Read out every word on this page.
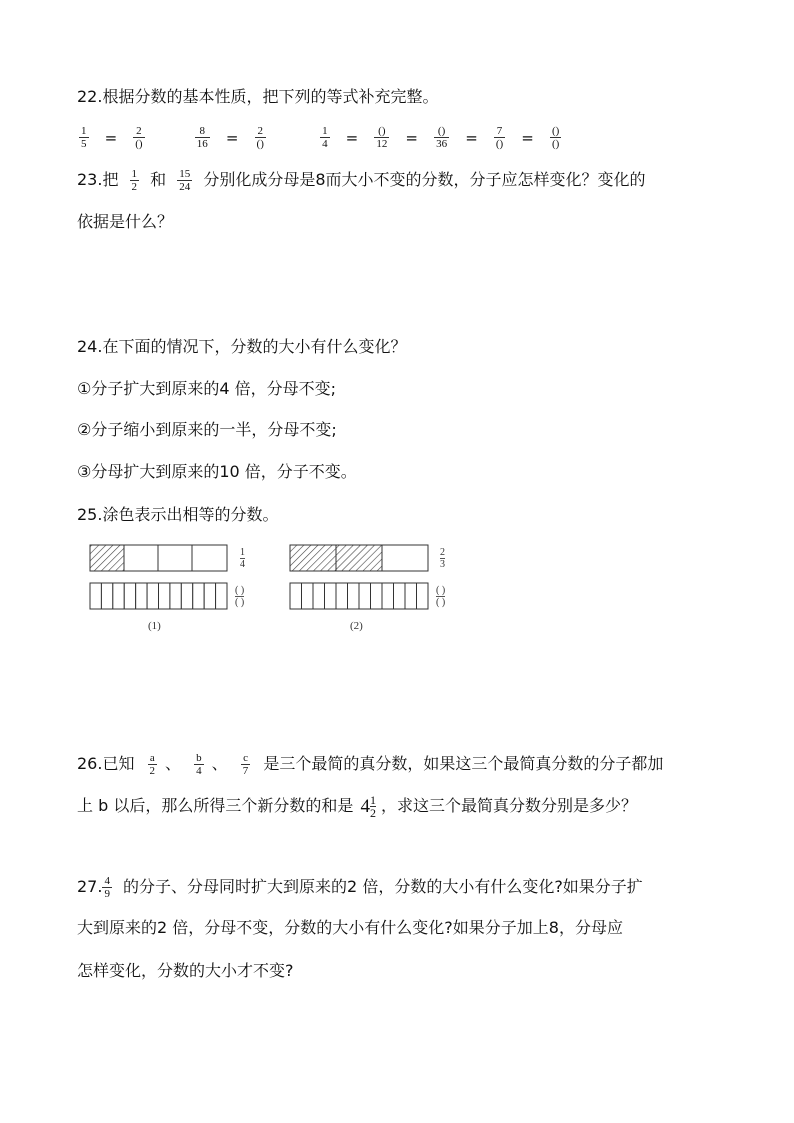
22.根据分数的基本性质，把下列的等式补充完整。
$\frac{1}{5} = \frac{2}{()}$
	$\frac{8}{16} = \frac{2}{()}$
	$\frac{1}{4} = \frac{()}{12} = \frac{()}{36} = \frac{7}{()} = \frac{()}{()}$
23.把 $\frac{1}{2}$ 和 $\frac{15}{24}$ 分别化成分母是8而大小不变的分数，分子应怎样变化？变化的
依据是什么？
24.在下面的情况下，分数的大小有什么变化？
①分子扩大到原来的4 倍，分母不变;
②分子缩小到原来的一半，分母不变;
③分母扩大到原来的10 倍，分子不变。
25.涂色表示出相等的分数。
$\frac{1}{4}$
( )
( )
(1)
$\frac{2}{3}$
( )
( )
(2)
26.已知 $\frac{a}{2}$ 、 $\frac{b}{4}$ 、 $\frac{c}{7}$ 是三个最简的真分数，如果这三个最简真分数的分子都加
上 b 以后，那么所得三个新分数的和是 $4 \frac{1}{2}$ ，求这三个最简真分数分别是多少？
27. $\frac{4}{9}$ 的分子、分母同时扩大到原来的2 倍，分数的大小有什么变化?如果分子扩
大到原来的2 倍，分母不变，分数的大小有什么变化?如果分子加上8，分母应
怎样变化，分数的大小才不变?
